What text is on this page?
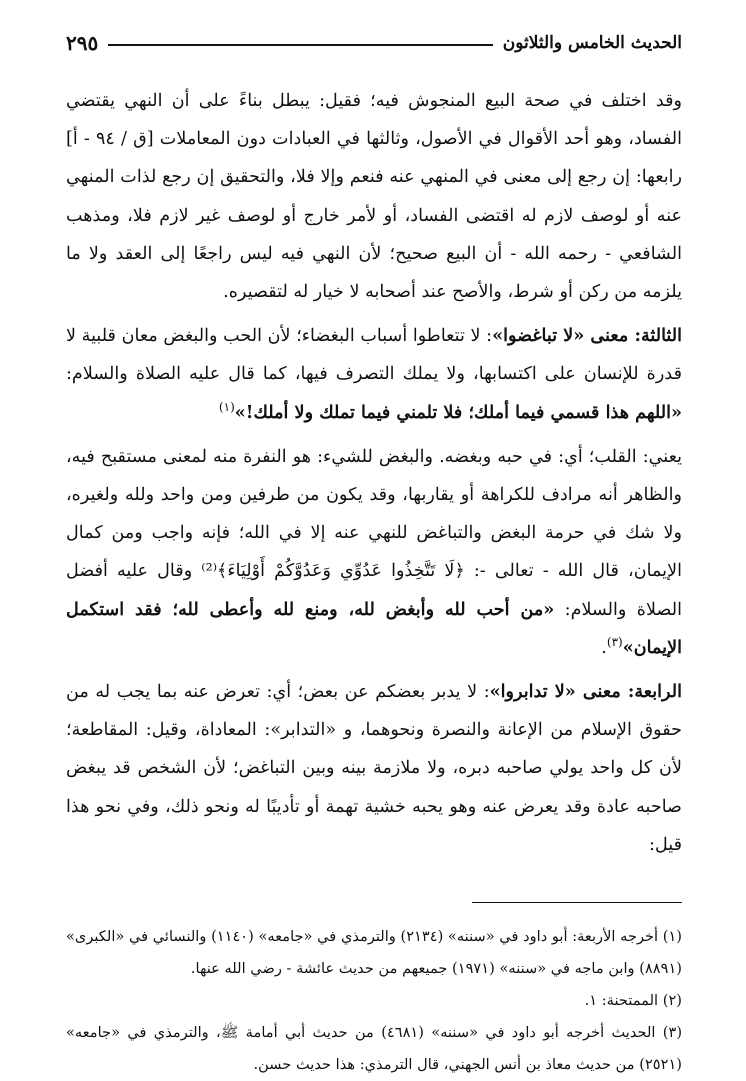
الحديث الخامس والثلاثون
٢٩٥

وقد اختلف في صحة البيع المنجوش فيه؛ فقيل: يبطل بناءً على أن النهي يقتضي الفساد، وهو أحد الأقوال في الأصول، وثالثها في العبادات دون المعاملات [ق / ٩٤ - أ] رابعها: إن رجع إلى معنى في المنهي عنه فنعم وإلا فلا، والتحقيق إن رجع لذات المنهي عنه أو لوصف لازم له اقتضى الفساد، أو لأمر خارج أو لوصف غير لازم فلا، ومذهب الشافعي - رحمه الله - أن البيع صحيح؛ لأن النهي فيه ليس راجعًا إلى العقد ولا ما يلزمه من ركن أو شرط، والأصح عند أصحابه لا خيار له لتقصيره.

الثالثة: معنى «لا تباغضوا»: لا تتعاطوا أسباب البغضاء؛ لأن الحب والبغض معان قلبية لا قدرة للإنسان على اكتسابها، ولا يملك التصرف فيها، كما قال عليه الصلاة والسلام: «اللهم هذا قسمي فيما أملك؛ فلا تلمني فيما تملك ولا أملك!»$^{(١)}$

يعني: القلب؛ أي: في حبه وبغضه. والبغض للشيء: هو النفرة منه لمعنى مستقبح فيه، والظاهر أنه مرادف للكراهة أو يقاربها، وقد يكون من طرفين ومن واحد ولله ولغيره، ولا شك في حرمة البغض والتباغض للنهي عنه إلا في الله؛ فإنه واجب ومن كمال الإيمان، قال الله - تعالى -: ﴿لَا تَتَّخِذُوا عَدُوِّي وَعَدُوَّكُمْ أَوْلِيَاءَ﴾⁽²⁾ وقال عليه أفضل الصلاة والسلام: «من أحب لله وأبغض لله، ومنع لله وأعطى لله؛ فقد استكمل الإيمان»$^{(٣)}$.

الرابعة: معنى «لا تدابروا»: لا يدبر بعضكم عن بعض؛ أي: تعرض عنه بما يجب له من حقوق الإسلام من الإعانة والنصرة ونحوهما، و «التدابر»: المعاداة، وقيل: المقاطعة؛ لأن كل واحد يولي صاحبه دبره، ولا ملازمة بينه وبين التباغض؛ لأن الشخص قد يبغض صاحبه عادة وقد يعرض عنه وهو يحبه خشية تهمة أو تأديبًا له ونحو ذلك، وفي نحو هذا قيل:

(١) أخرجه الأربعة: أبو داود في «سننه» (٢١٣٤) والترمذي في «جامعه» (١١٤٠) والنسائي في «الكبرى» (٨٨٩١) وابن ماجه في «سننه» (١٩٧١) جميعهم من حديث عائشة - رضي الله عنها.

(٢) الممتحنة: ١.

(٣) الحديث أخرجه أبو داود في «سننه» (٤٦٨١) من حديث أبي أمامة ﷺ، والترمذي في «جامعه» (٢٥٢١) من حديث معاذ بن أنس الجهني، قال الترمذي: هذا حديث حسن.
